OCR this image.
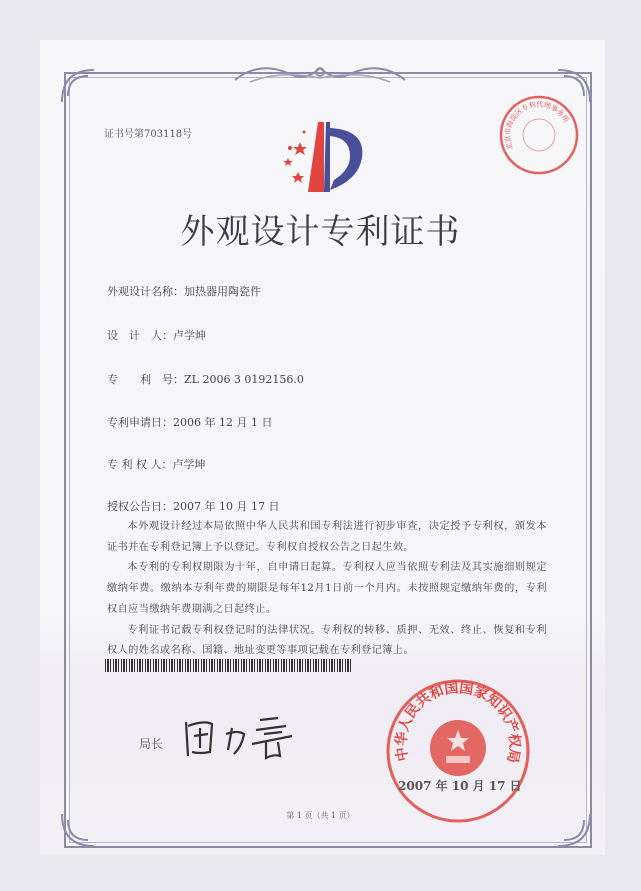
证书号第703118号
北京市海淀区专利代理事务所
外观设计专利证书
外观设计名称：加热器用陶瓷件
设　计　人：卢学坤
专　　利　号：ZL 2006 3 0192156.0
专利申请日：2006 年 12 月 1 日
专 利 权 人：卢学坤
授权公告日：2007 年 10 月 17 日

本外观设计经过本局依照中华人民共和国专利法进行初步审查，决定授予专利权，颁发本证书并在专利登记簿上予以登记。专利权自授权公告之日起生效。

本专利的专利权期限为十年，自申请日起算。专利权人应当依照专利法及其实施细则规定缴纳年费。缴纳本专利年费的期限是每年12月1日前一个月内。未按照规定缴纳年费的，专利权自应当缴纳年费期满之日起终止。

专利证书记载专利权登记时的法律状况。专利权的转移、质押、无效、终止、恢复和专利权人的姓名或名称、国籍、地址变更等事项记载在专利登记簿上。

局长
中华人民共和国国家知识产权局
2007 年 10 月 17 日
第 1 页（共 1 页）
